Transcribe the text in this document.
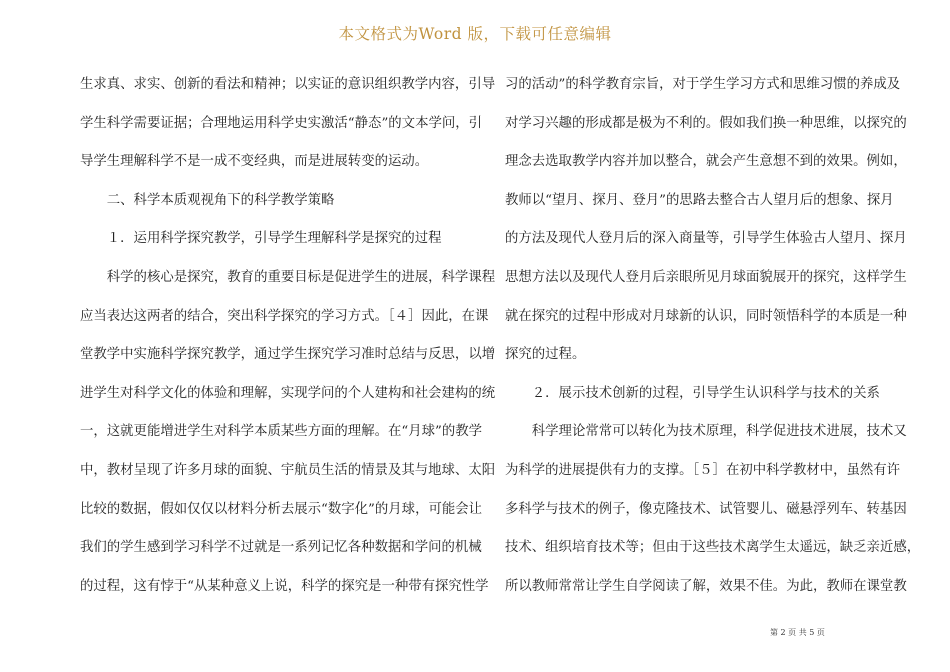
本文格式为Word 版，下载可任意编辑
生求真、求实、创新的看法和精神；以实证的意识组织教学内容，引导
学生科学需要证据；合理地运用科学史实激活“静态”的文本学问，引
导学生理解科学不是一成不变经典，而是进展转变的运动。
　　二、科学本质观视角下的科学教学策略
　　１．运用科学探究教学，引导学生理解科学是探究的过程
　　科学的核心是探究，教育的重要目标是促进学生的进展，科学课程
应当表达这两者的结合，突出科学探究的学习方式。［４］因此，在课
堂教学中实施科学探究教学，通过学生探究学习准时总结与反思，以增
进学生对科学文化的体验和理解，实现学问的个人建构和社会建构的统
一，这就更能增进学生对科学本质某些方面的理解。在“月球”的教学
中，教材呈现了许多月球的面貌、宇航员生活的情景及其与地球、太阳
比较的数据，假如仅仅以材料分析去展示“数字化”的月球，可能会让
我们的学生感到学习科学不过就是一系列记忆各种数据和学问的机械
的过程，这有悖于“从某种意义上说，科学的探究是一种带有探究性学
习的活动”的科学教育宗旨，对于学生学习方式和思维习惯的养成及
对学习兴趣的形成都是极为不利的。假如我们换一种思维，以探究的
理念去选取教学内容并加以整合，就会产生意想不到的效果。例如，
教师以“望月、探月、登月”的思路去整合古人望月后的想象、探月
的方法及现代人登月后的深入商量等，引导学生体验古人望月、探月
思想方法以及现代人登月后亲眼所见月球面貌展开的探究，这样学生
就在探究的过程中形成对月球新的认识，同时领悟科学的本质是一种
探究的过程。
　　２．展示技术创新的过程，引导学生认识科学与技术的关系
　　科学理论常常可以转化为技术原理，科学促进技术进展，技术又
为科学的进展提供有力的支撑。［５］在初中科学教材中，虽然有许
多科学与技术的例子，像克隆技术、试管婴儿、磁悬浮列车、转基因
技术、组织培育技术等；但由于这些技术离学生太遥远，缺乏亲近感，
所以教师常常让学生自学阅读了解，效果不佳。为此，教师在课堂教
第 2 页 共 5 页
